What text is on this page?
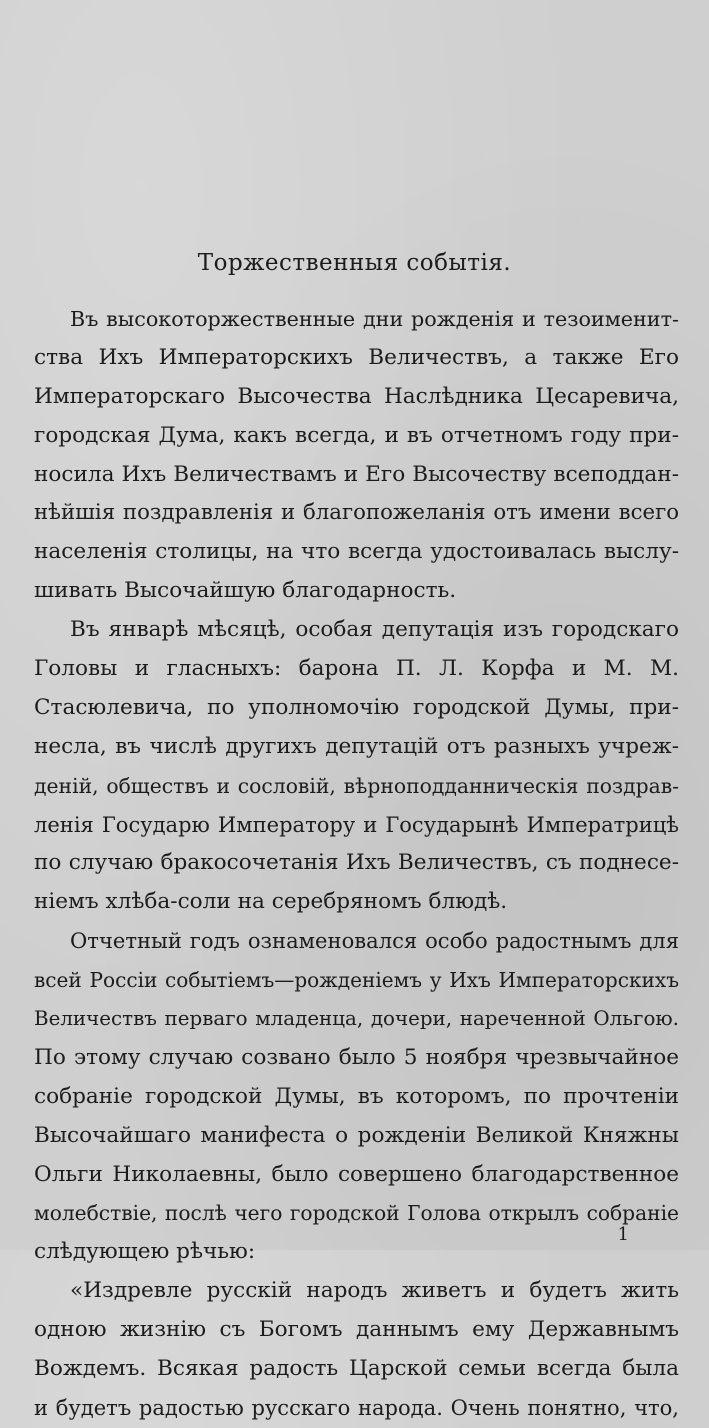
Торжественныя событiя.
Въ высокоторжественные дни рожденiя и тезоименит-
ства Ихъ Императорскихъ Величествъ, а также Его
Императорскаго Высочества Наслѣдника Цесаревича,
городская Дума, какъ всегда, и въ отчетномъ году при-
носила Ихъ Величествамъ и Его Высочеству всеподдан-
нѣйшiя поздравленiя и благопожеланiя отъ имени всего
населенiя столицы, на что всегда удостоивалась выслу-
шивать Высочайшую благодарность.
Въ январѣ мѣсяцѣ, особая депутацiя изъ городскаго
Головы и гласныхъ: барона П. Л. Корфа и М. М.
Стасюлевича, по уполномочiю городской Думы, при-
несла, въ числѣ другихъ депутацiй отъ разныхъ учреж-
денiй, обществъ и сословiй, вѣрноподданническiя поздрав-
ленiя Государю Императору и Государынѣ Императрицѣ
по случаю бракосочетанiя Ихъ Величествъ, съ поднесе-
нiемъ хлѣба-соли на серебряномъ блюдѣ.
Отчетный годъ ознаменовался особо радостнымъ для
всей Россiи событiемъ—рожденiемъ у Ихъ Императорскихъ
Величествъ перваго младенца, дочери, нареченной Ольгою.
По этому случаю созвано было 5 ноября чрезвычайное
собранiе городской Думы, въ которомъ, по прочтенiи
Высочайшаго манифеста о рожденiи Великой Княжны
Ольги Николаевны, было совершено благодарственное
молебствiе, послѣ чего городской Голова открылъ собранiе
слѣдующею рѣчью:
«Издревле русскiй народъ живетъ и будетъ жить
одною жизнiю съ Богомъ даннымъ ему Державнымъ
Вождемъ. Всякая радость Царской семьи всегда была
и будетъ радостью русскаго народа. Очень понятно, что,
1
